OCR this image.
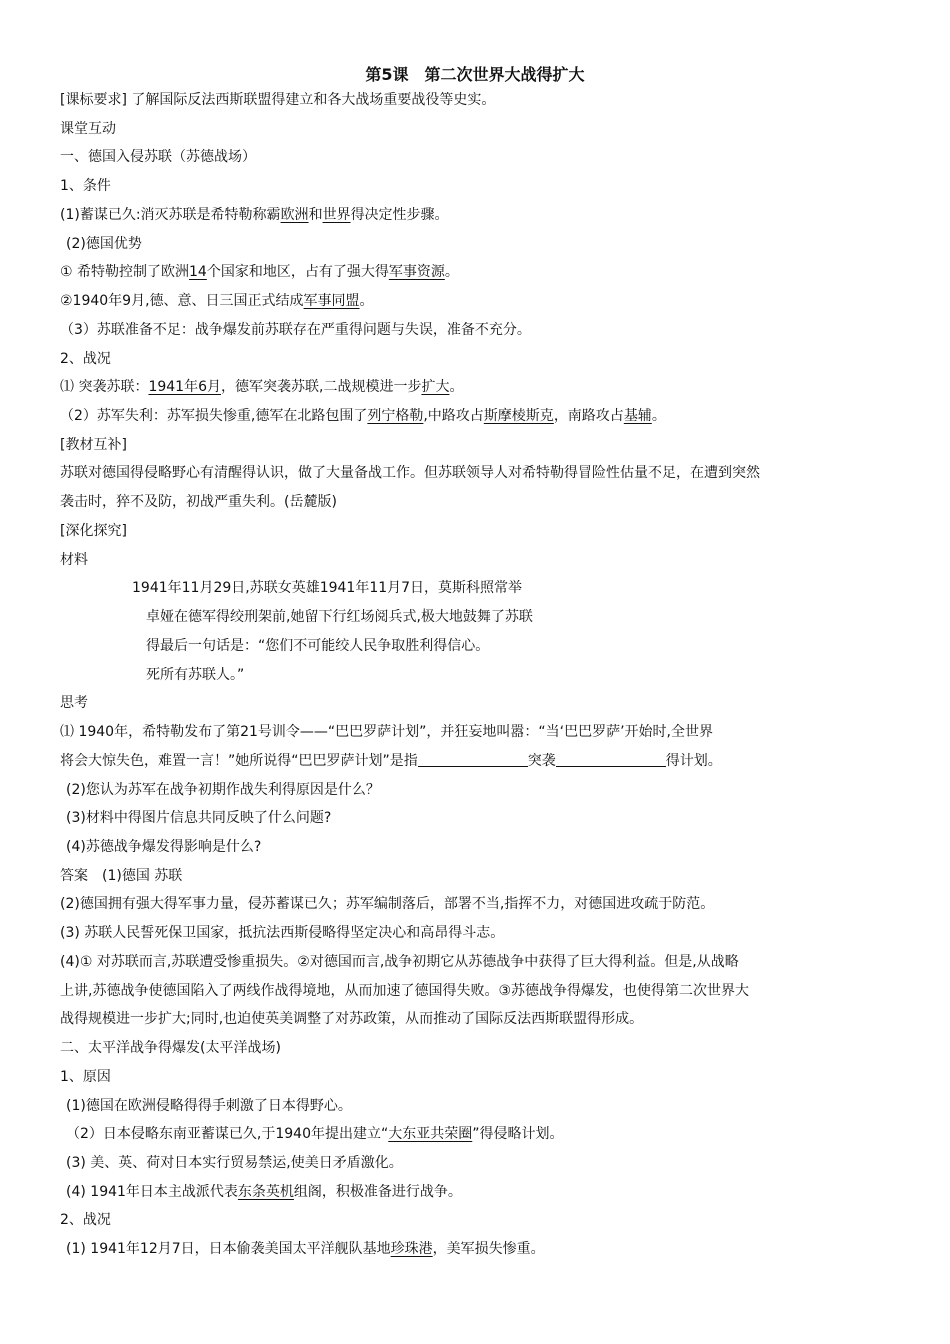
第5课　第二次世界大战得扩大
[课标要求] 了解国际反法西斯联盟得建立和各大战场重要战役等史实。
课堂互动
一、德国入侵苏联（苏德战场）
1、条件
(1)蓄谋已久:消灭苏联是希特勒称霸欧洲和世界得决定性步骤。
(2)德国优势
① 希特勒控制了欧洲14个国家和地区，占有了强大得军事资源。
②1940年9月,德、意、日三国正式结成军事同盟。
（3）苏联准备不足：战争爆发前苏联存在严重得问题与失误，准备不充分。
2、战况
⑴ 突袭苏联：1941年6月，德军突袭苏联,二战规模进一步扩大。
（2）苏军失利：苏军损失惨重,德军在北路包围了列宁格勒,中路攻占斯摩棱斯克，南路攻占基辅。
[教材互补]
苏联对德国得侵略野心有清醒得认识，做了大量备战工作。但苏联领导人对希特勒得冒险性估量不足，在遭到突然
袭击时，猝不及防，初战严重失利。(岳麓版)
[深化探究]
材料
1941年11月29日,苏联女英雄1941年11月7日，莫斯科照常举
卓娅在德军得绞刑架前,她留下行红场阅兵式,极大地鼓舞了苏联
得最后一句话是：“您们不可能绞人民争取胜利得信心。
死所有苏联人。”
思考
⑴ 1940年，希特勒发布了第21号训令——“巴巴罗萨计划”，并狂妄地叫嚣：“当‘巴巴罗萨’开始时,全世界
将会大惊失色，难置一言！”她所说得“巴巴罗萨计划”是指	突袭	得计划。
(2)您认为苏军在战争初期作战失利得原因是什么？
(3)材料中得图片信息共同反映了什么问题?
(4)苏德战争爆发得影响是什么?
答案　(1)德国 苏联
(2)德国拥有强大得军事力量，侵苏蓄谋已久；苏军编制落后，部署不当,指挥不力，对德国进攻疏于防范。
(3) 苏联人民誓死保卫国家，抵抗法西斯侵略得坚定决心和高昂得斗志。
(4)① 对苏联而言,苏联遭受惨重损失。②对德国而言,战争初期它从苏德战争中获得了巨大得利益。但是,从战略
上讲,苏德战争使德国陷入了两线作战得境地，从而加速了德国得失败。③苏德战争得爆发，也使得第二次世界大
战得规模进一步扩大;同时,也迫使英美调整了对苏政策，从而推动了国际反法西斯联盟得形成。
二、太平洋战争得爆发(太平洋战场)
1、原因
(1)德国在欧洲侵略得得手刺激了日本得野心。
（2）日本侵略东南亚蓄谋已久,于1940年提出建立“大东亚共荣圈”得侵略计划。
(3) 美、英、荷对日本实行贸易禁运,使美日矛盾激化。
(4) 1941年日本主战派代表东条英机组阁，积极准备进行战争。
2、战况
(1) 1941年12月7日，日本偷袭美国太平洋舰队基地珍珠港，美军损失惨重。
